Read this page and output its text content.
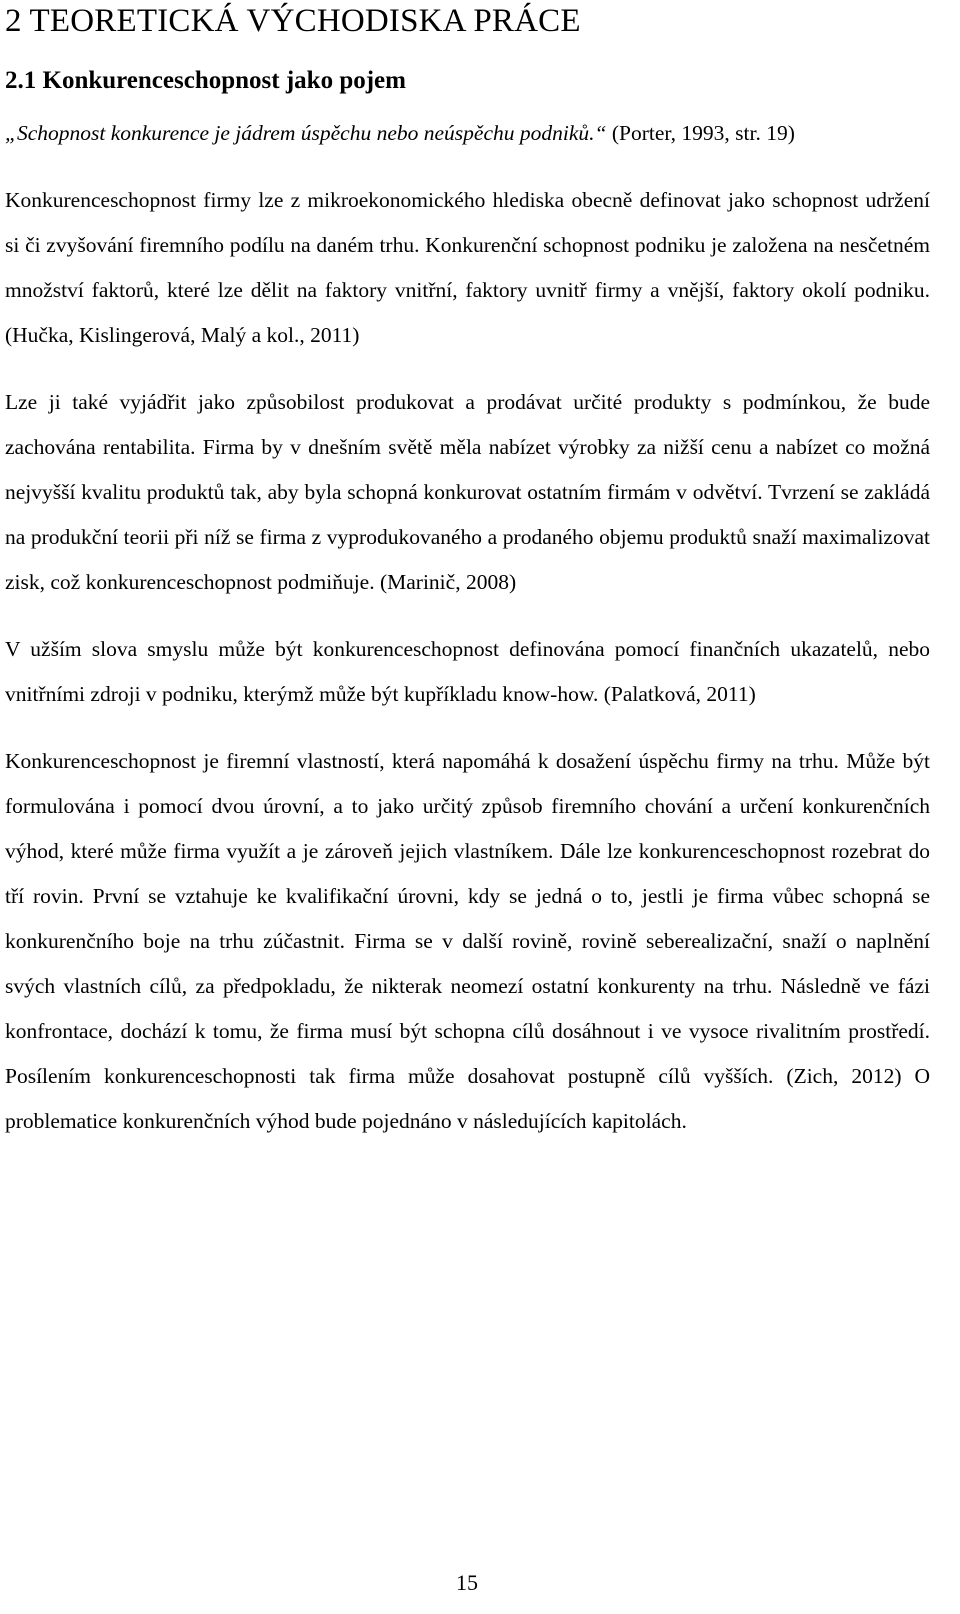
2 TEORETICKÁ VÝCHODISKA PRÁCE
2.1 Konkurenceschopnost jako pojem

„Schopnost konkurence je jádrem úspěchu nebo neúspěchu podniků.“ (Porter, 1993, str. 19)

Konkurenceschopnost firmy lze z mikroekonomického hlediska obecně definovat jako schopnost udržení si či zvyšování firemního podílu na daném trhu. Konkurenční schopnost podniku je založena na nesčetném množství faktorů, které lze dělit na faktory vnitřní, faktory uvnitř firmy a vnější, faktory okolí podniku. (Hučka, Kislingerová, Malý a kol., 2011)

Lze ji také vyjádřit jako způsobilost produkovat a prodávat určité produkty s podmínkou, že bude zachována rentabilita. Firma by v dnešním světě měla nabízet výrobky za nižší cenu a nabízet co možná nejvyšší kvalitu produktů tak, aby byla schopná konkurovat ostatním firmám v odvětví. Tvrzení se zakládá na produkční teorii při níž se firma z vyprodukovaného a prodaného objemu produktů snaží maximalizovat zisk, což konkurenceschopnost podmiňuje. (Marinič, 2008)

V užším slova smyslu může být konkurenceschopnost definována pomocí finančních ukazatelů, nebo vnitřními zdroji v podniku, kterýmž může být kupříkladu know-how. (Palatková, 2011)

Konkurenceschopnost je firemní vlastností, která napomáhá k dosažení úspěchu firmy na trhu. Může být formulována i pomocí dvou úrovní, a to jako určitý způsob firemního chování a určení konkurenčních výhod, které může firma využít a je zároveň jejich vlastníkem. Dále lze konkurenceschopnost rozebrat do tří rovin. První se vztahuje ke kvalifikační úrovni, kdy se jedná o to, jestli je firma vůbec schopná se konkurenčního boje na trhu zúčastnit. Firma se v další rovině, rovině seberealizační, snaží o naplnění svých vlastních cílů, za předpokladu, že nikterak neomezí ostatní konkurenty na trhu. Následně ve fázi konfrontace, dochází k tomu, že firma musí být schopna cílů dosáhnout i ve vysoce rivalitním prostředí. Posílením konkurenceschopnosti tak firma může dosahovat postupně cílů vyšších. (Zich, 2012) O problematice konkurenčních výhod bude pojednáno v následujících kapitolách.

15
